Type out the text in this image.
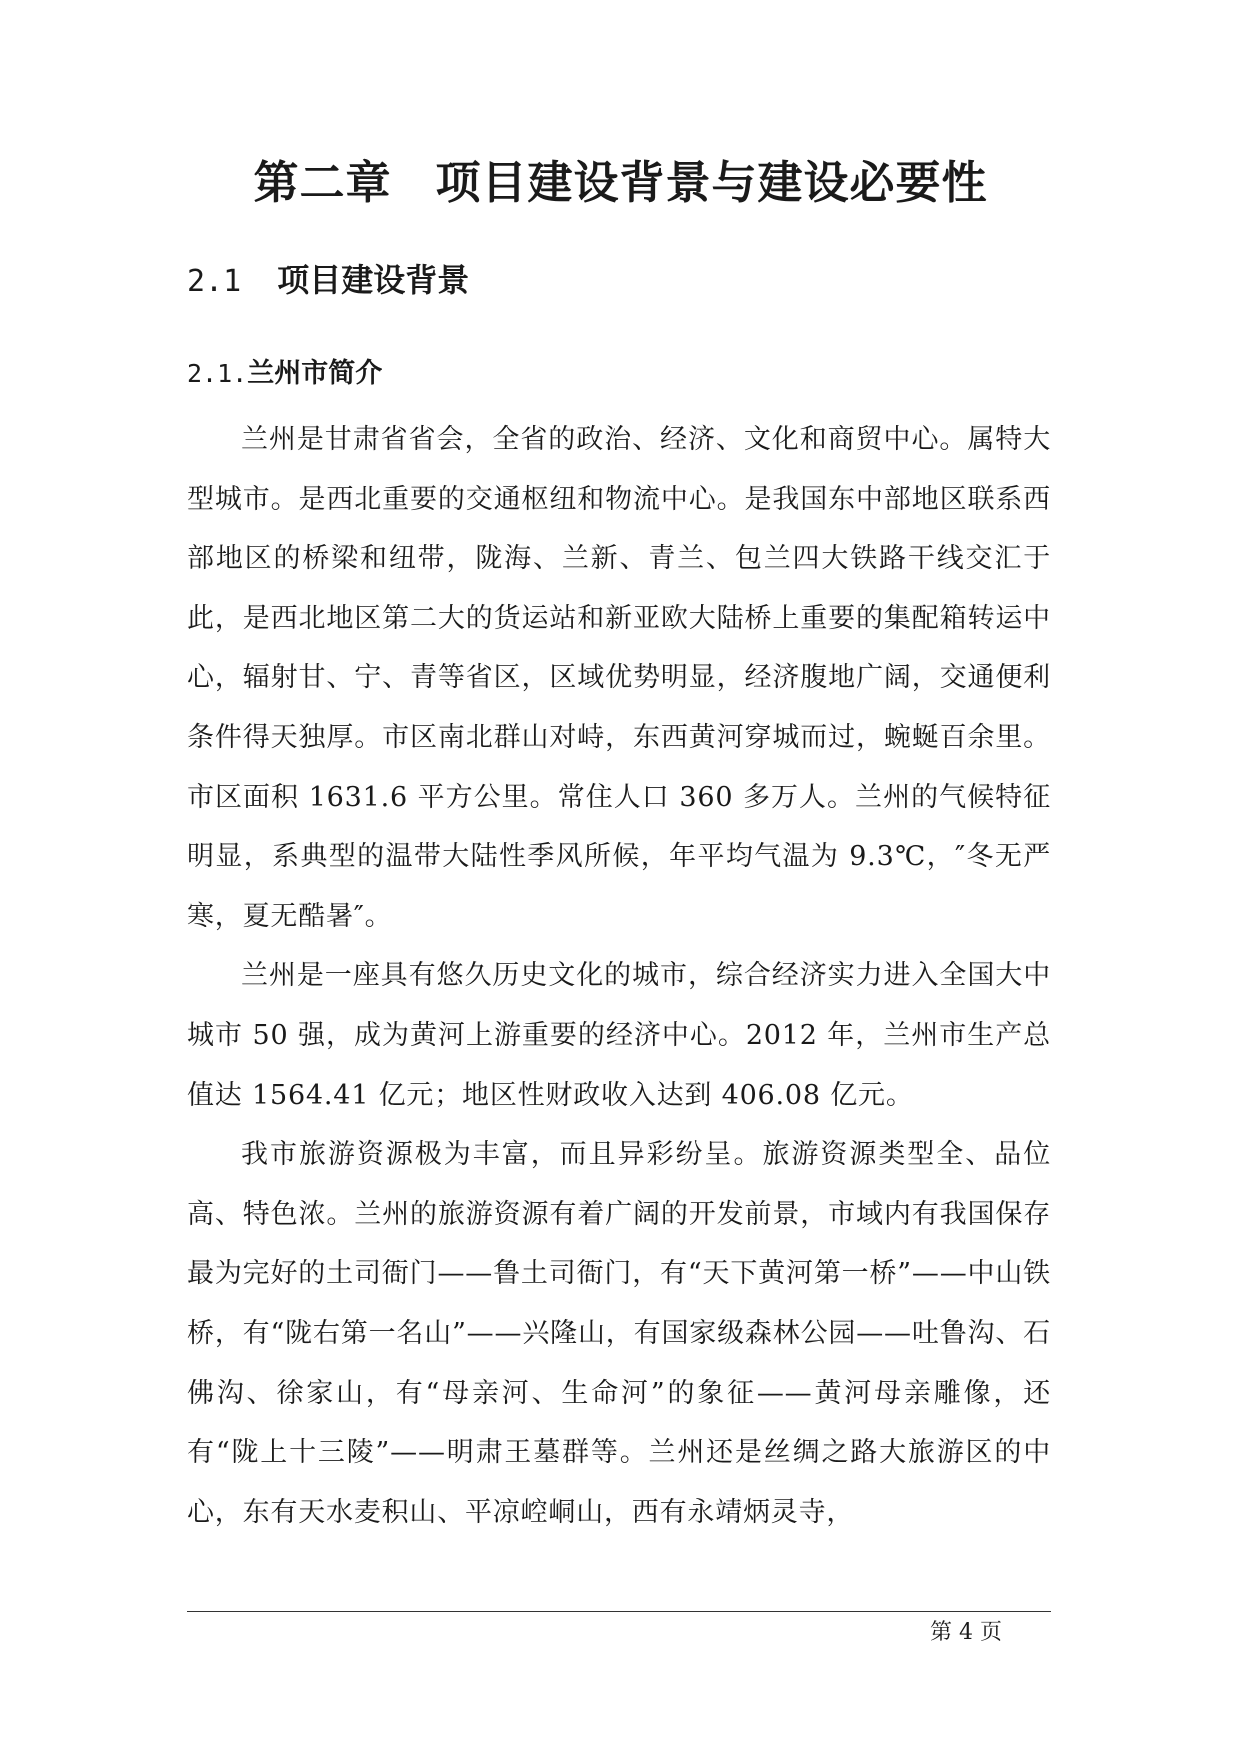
第二章 项目建设背景与建设必要性
2.1 项目建设背景
2.1.兰州市简介

兰州是甘肃省省会，全省的政治、经济、文化和商贸中心。属特大型城市。是西北重要的交通枢纽和物流中心。是我国东中部地区联系西部地区的桥梁和纽带，陇海、兰新、青兰、包兰四大铁路干线交汇于此，是西北地区第二大的货运站和新亚欧大陆桥上重要的集配箱转运中心，辐射甘、宁、青等省区，区域优势明显，经济腹地广阔，交通便利条件得天独厚。市区南北群山对峙，东西黄河穿城而过，蜿蜒百余里。市区面积 1631.6 平方公里。常住人口 360 多万人。兰州的气候特征明显，系典型的温带大陆性季风所候，年平均气温为 9.3℃，″冬无严寒，夏无酷暑″。

兰州是一座具有悠久历史文化的城市，综合经济实力进入全国大中城市 50 强，成为黄河上游重要的经济中心。2012 年，兰州市生产总值达 1564.41 亿元；地区性财政收入达到 406.08 亿元。

我市旅游资源极为丰富，而且异彩纷呈。旅游资源类型全、品位高、特色浓。兰州的旅游资源有着广阔的开发前景，市域内有我国保存最为完好的土司衙门——鲁土司衙门，有“天下黄河第一桥”——中山铁桥，有“陇右第一名山”——兴隆山，有国家级森林公园——吐鲁沟、石佛沟、徐家山，有“母亲河、生命河”的象征——黄河母亲雕像，还有“陇上十三陵”——明肃王墓群等。兰州还是丝绸之路大旅游区的中心，东有天水麦积山、平凉崆峒山，西有永靖炳灵寺，

第 4 页
